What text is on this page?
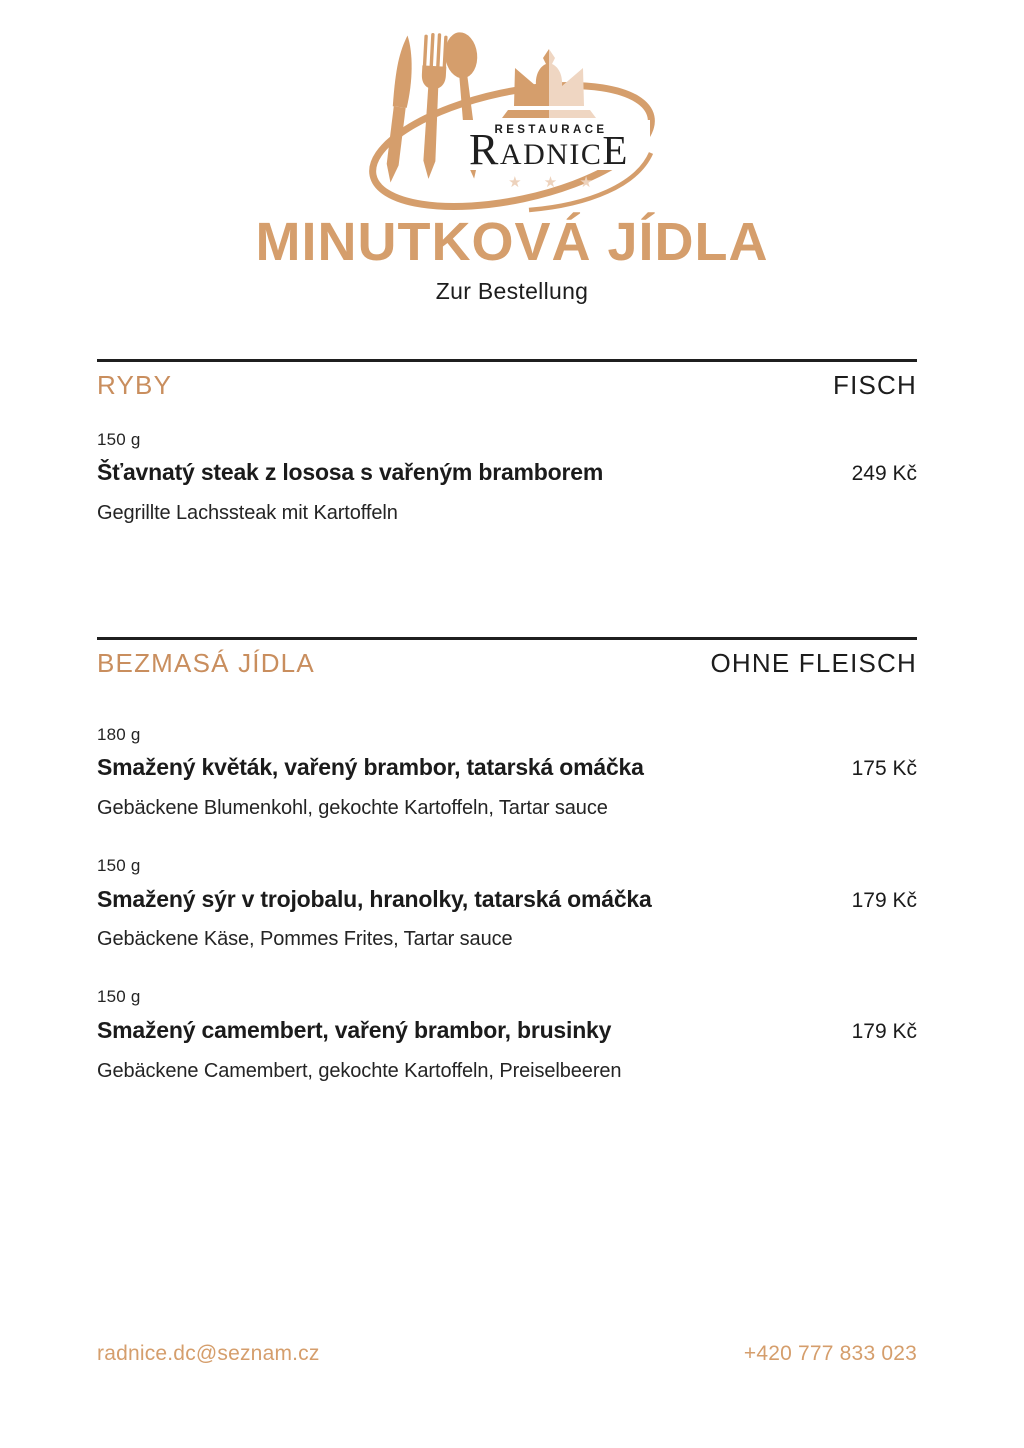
RESTAURACE
RADNICE
★ ★ ★
MINUTKOVÁ JÍDLA
Zur Bestellung
RYBY	FISCH
150 g
Šťavnatý steak z lososa s vařeným bramborem	249 Kč
Gegrillte Lachssteak mit Kartoffeln
BEZMASÁ JÍDLA	OHNE FLEISCH
180 g
Smažený květák, vařený brambor, tatarská omáčka	175 Kč
Gebäckene Blumenkohl, gekochte Kartoffeln, Tartar sauce
150 g
Smažený sýr v trojobalu, hranolky, tatarská omáčka	179 Kč
Gebäckene Käse, Pommes Frites, Tartar sauce
150 g
Smažený camembert, vařený brambor, brusinky	179 Kč
Gebäckene Camembert, gekochte Kartoffeln, Preiselbeeren
radnice.dc@seznam.cz	+420 777 833 023
